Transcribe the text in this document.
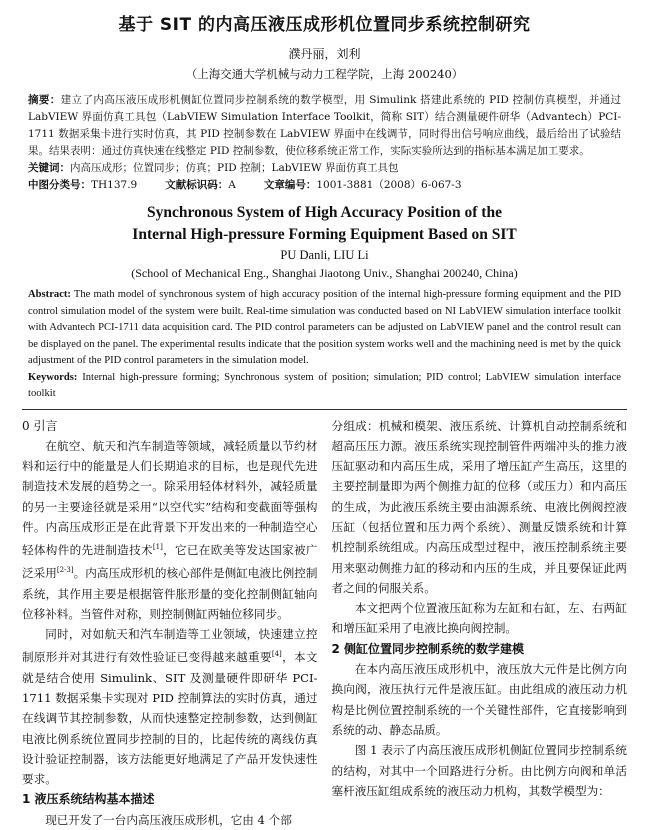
基于 SIT 的内高压液压成形机位置同步系统控制研究
濮丹丽，刘利
（上海交通大学机械与动力工程学院，上海 200240）
摘要：建立了内高压液压成形机侧缸位置同步控制系统的数学模型，用 Simulink 搭建此系统的 PID 控制仿真模型，并通过 LabVIEW 界面仿真工具包（LabVIEW Simulation Interface Toolkit，简称 SIT）结合测量硬件研华（Advantech）PCI-1711 数据采集卡进行实时仿真，其 PID 控制参数在 LabVIEW 界面中在线调节，同时得出信号响应曲线，最后给出了试验结果。结果表明：通过仿真快速在线整定 PID 控制参数，使位移系统正常工作，实际实验所达到的指标基本满足加工要求。
关键词：内高压成形；位置同步；仿真；PID 控制；LabVIEW 界面仿真工具包
中图分类号：TH137.9	文献标识码：A	文章编号：1001-3881（2008）6-067-3
Synchronous System of High Accuracy Position of the
Internal High-pressure Forming Equipment Based on SIT
PU Danli, LIU Li
(School of Mechanical Eng., Shanghai Jiaotong Univ., Shanghai 200240, China)
Abstract: The math model of synchronous system of high accuracy position of the internal high-pressure forming equipment and the PID control simulation model of the system were built. Real-time simulation was conducted based on NI LabVIEW simulation interface toolkit with Advantech PCI-1711 data acquisition card. The PID control parameters can be adjusted on LabVIEW panel and the control result can be displayed on the panel. The experimental results indicate that the position system works well and the machining need is met by the quick adjustment of the PID control parameters in the simulation model.
Keywords: Internal high-pressure forming; Synchronous system of position; simulation; PID control; LabVIEW simulation interface toolkit

0 引言

在航空、航天和汽车制造等领域，减轻质量以节约材料和运行中的能量是人们长期追求的目标，也是现代先进制造技术发展的趋势之一。除采用轻体材料外，减轻质量的另一主要途径就是采用“以空代实”结构和变截面等强构件。内高压成形正是在此背景下开发出来的一种制造空心轻体构件的先进制造技术[1]，它已在欧美等发达国家被广泛采用[2-3]。内高压成形机的核心部件是侧缸电液比例控制系统，其作用主要是根据管件胀形量的变化控制侧缸轴向位移补料。当管件对称，则控制侧缸两轴位移同步。

同时，对如航天和汽车制造等工业领域，快速建立控制原形并对其进行有效性验证已变得越来越重要[4]，本文就是结合使用 Simulink、SIT 及测量硬件即研华 PCI-1711 数据采集卡实现对 PID 控制算法的实时仿真，通过在线调节其控制参数，从而快速整定控制参数，达到侧缸电液比例系统位置同步控制的目的，比起传统的离线仿真设计验证控制器，该方法能更好地满足了产品开发快速性要求。

1 液压系统结构基本描述

现已开发了一台内高压液压成形机，它由 4 个部

分组成：机械和模架、液压系统、计算机自动控制系统和超高压压力源。液压系统实现控制管件两端冲头的推力液压缸驱动和内高压生成，采用了增压缸产生高压，这里的主要控制量即为两个侧推力缸的位移（或压力）和内高压的生成，为此液压系统主要由油源系统、电液比例阀控液压缸（包括位置和压力两个系统）、测量反馈系统和计算机控制系统组成。内高压成型过程中，液压控制系统主要用来驱动侧推力缸的移动和内压的生成，并且要保证此两者之间的伺服关系。

本文把两个位置液压缸称为左缸和右缸，左、右两缸和增压缸采用了电液比换向阀控制。

2 侧缸位置同步控制系统的数学建模

在本内高压液压成形机中，液压放大元件是比例方向换向阀，液压执行元件是液压缸。由此组成的液压动力机构是比例位置控制系统的一个关键性部件，它直接影响到系统的动、静态品质。

图 1 表示了内高压液压成形机侧缸位置同步控制系统的结构，对其中一个回路进行分析。由比例方向阀和单活塞杆液压缸组成系统的液压动力机构，其数学模型为：
